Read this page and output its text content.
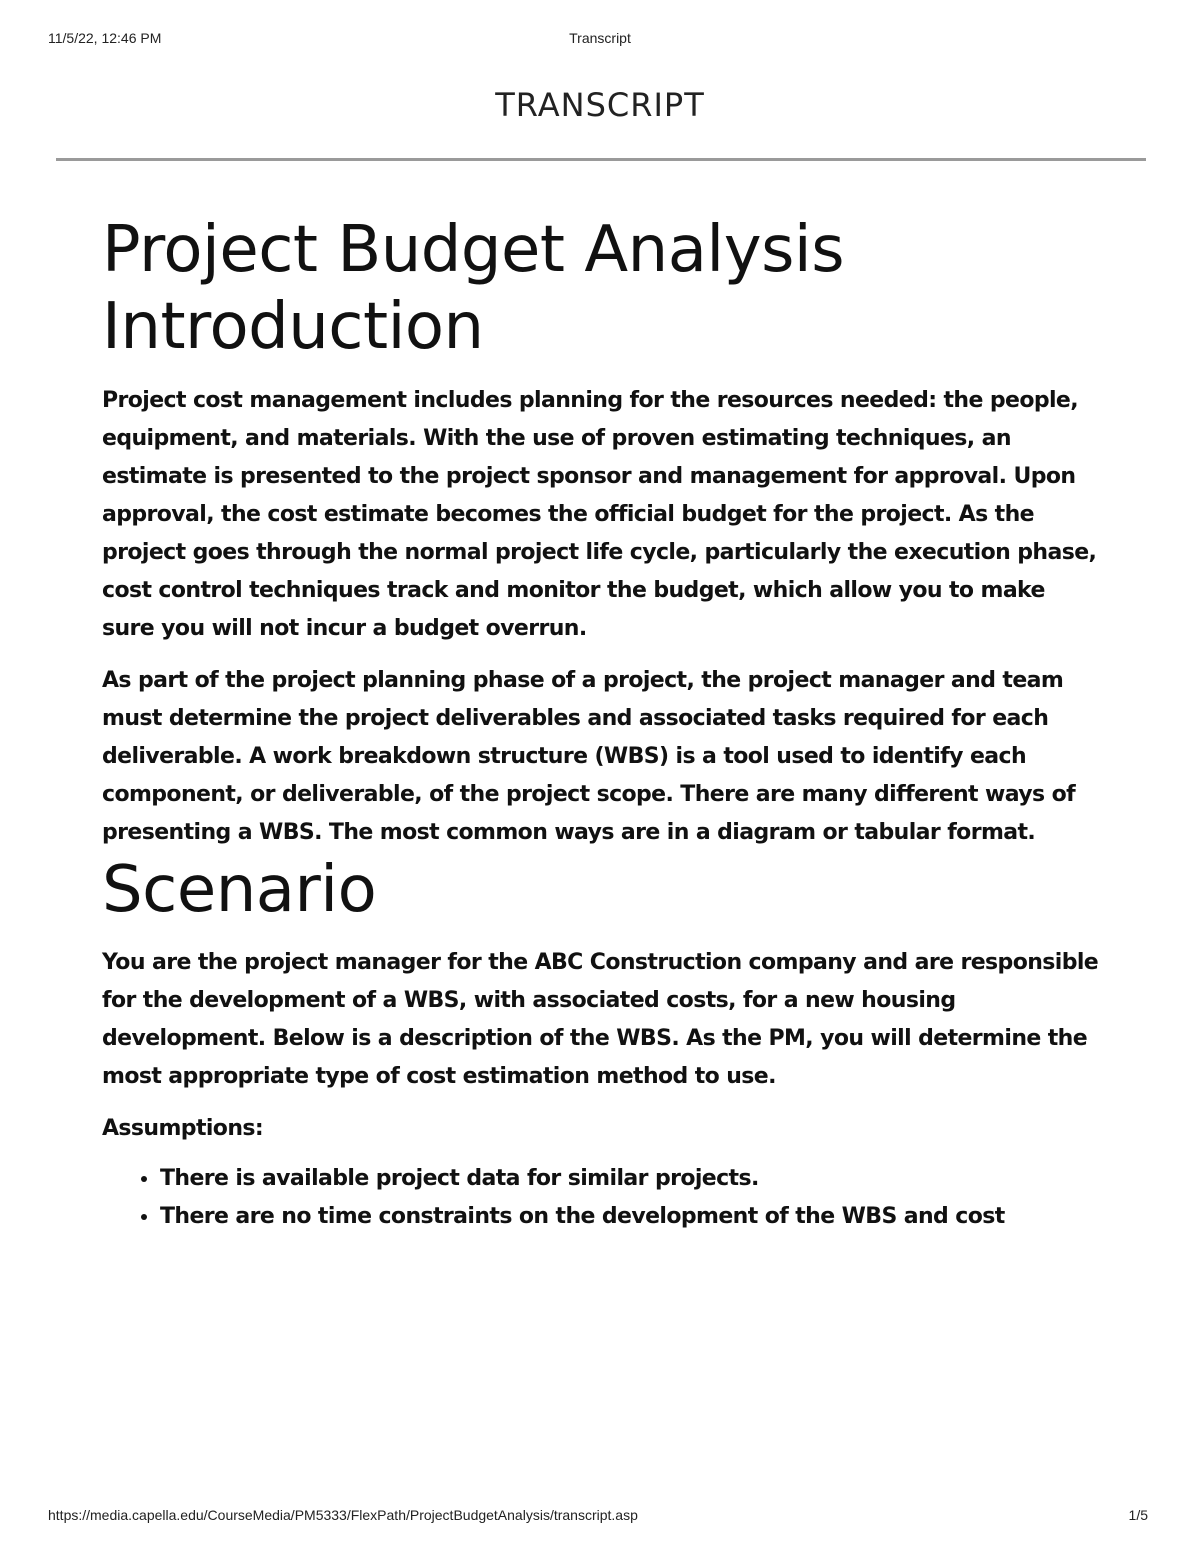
11/5/22, 12:46 PM	Transcript
TRANSCRIPT
Project Budget Analysis
Introduction

Project cost management includes planning for the resources needed: the people, equipment, and materials. With the use of proven estimating techniques, an estimate is presented to the project sponsor and management for approval. Upon approval, the cost estimate becomes the official budget for the project. As the project goes through the normal project life cycle, particularly the execution phase, cost control techniques track and monitor the budget, which allow you to make sure you will not incur a budget overrun.

As part of the project planning phase of a project, the project manager and team must determine the project deliverables and associated tasks required for each deliverable. A work breakdown structure (WBS) is a tool used to identify each component, or deliverable, of the project scope. There are many different ways of presenting a WBS. The most common ways are in a diagram or tabular format.

Scenario

You are the project manager for the ABC Construction company and are responsible for the development of a WBS, with associated costs, for a new housing development. Below is a description of the WBS. As the PM, you will determine the most appropriate type of cost estimation method to use.

Assumptions:

• There is available project data for similar projects.
• There are no time constraints on the development of the WBS and cost
https://media.capella.edu/CourseMedia/PM5333/FlexPath/ProjectBudgetAnalysis/transcript.asp	1/5
